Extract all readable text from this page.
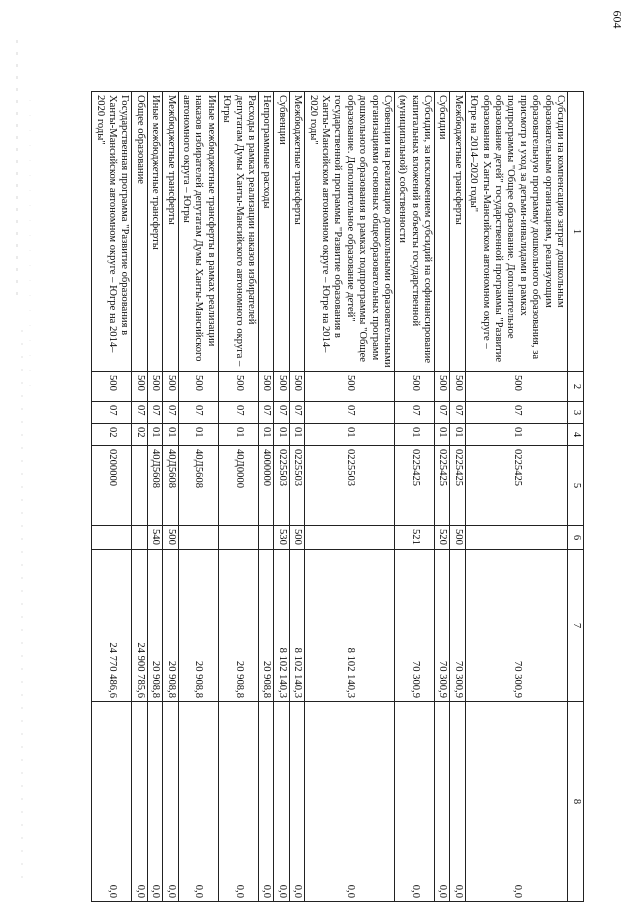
604
1	2	3	4	5	6	7	8
Субсидии на компенсацию затрат дошкольным образовательным организациям, реализующим образовательную программу дошкольного образования, за присмотр и уход за детьми-инвалидами в рамках подпрограммы "Общее образование. Дополнительное образование детей" государственной программы "Развитие образования в Ханты-Мансийском автономном округе – Югре на 2014–2020 годы"	500	07	01	0225425		70 300,9	0,0
Межбюджетные трансферты	500	07	01	0225425	500	70 300,9	0,0
Субсидии	500	07	01	0225425	520	70 300,9	0,0
Субсидии, за исключением субсидий на софинансирование капитальных вложений в объекты государственной (муниципальной) собственности	500	07	01	0225425	521	70 300,9	0,0
Субвенции на реализацию дошкольными образовательными организациями основных общеобразовательных программ дошкольного образования в рамках подпрограммы "Общее образование. Дополнительное образование детей" государственной программы "Развитие образования в Ханты-Мансийском автономном округе – Югре на 2014–2020 годы"	500	07	01	0225503		8 102 140,3	0,0
Межбюджетные трансферты	500	07	01	0225503	500	8 102 140,3	0,0
Субвенции	500	07	01	0225503	530	8 102 140,3	0,0
Непрограммные расходы	500	07	01	4000000		20 908,8	0,0
Расходы в рамках реализации наказов избирателей депутатам Думы Ханты-Мансийского автономного округа – Югры	500	07	01	40Д0000		20 908,8	0,0
Иные межбюджетные трансферты в рамках реализации наказов избирателей депутатам Думы Ханты-Мансийского автономного округа – Югры	500	07	01	40Д5608		20 908,8	0,0
Межбюджетные трансферты	500	07	01	40Д5608	500	20 908,8	0,0
Иные межбюджетные трансферты	500	07	01	40Д5608	540	20 908,8	0,0
Общее образование	500	07	02			24 900 785,6	0,0
Государственная программа "Развитие образования в Ханты-Мансийском автономном округе – Югре на 2014–2020 годы"	500	07	02	0200000		24 770 486,6	0,0
